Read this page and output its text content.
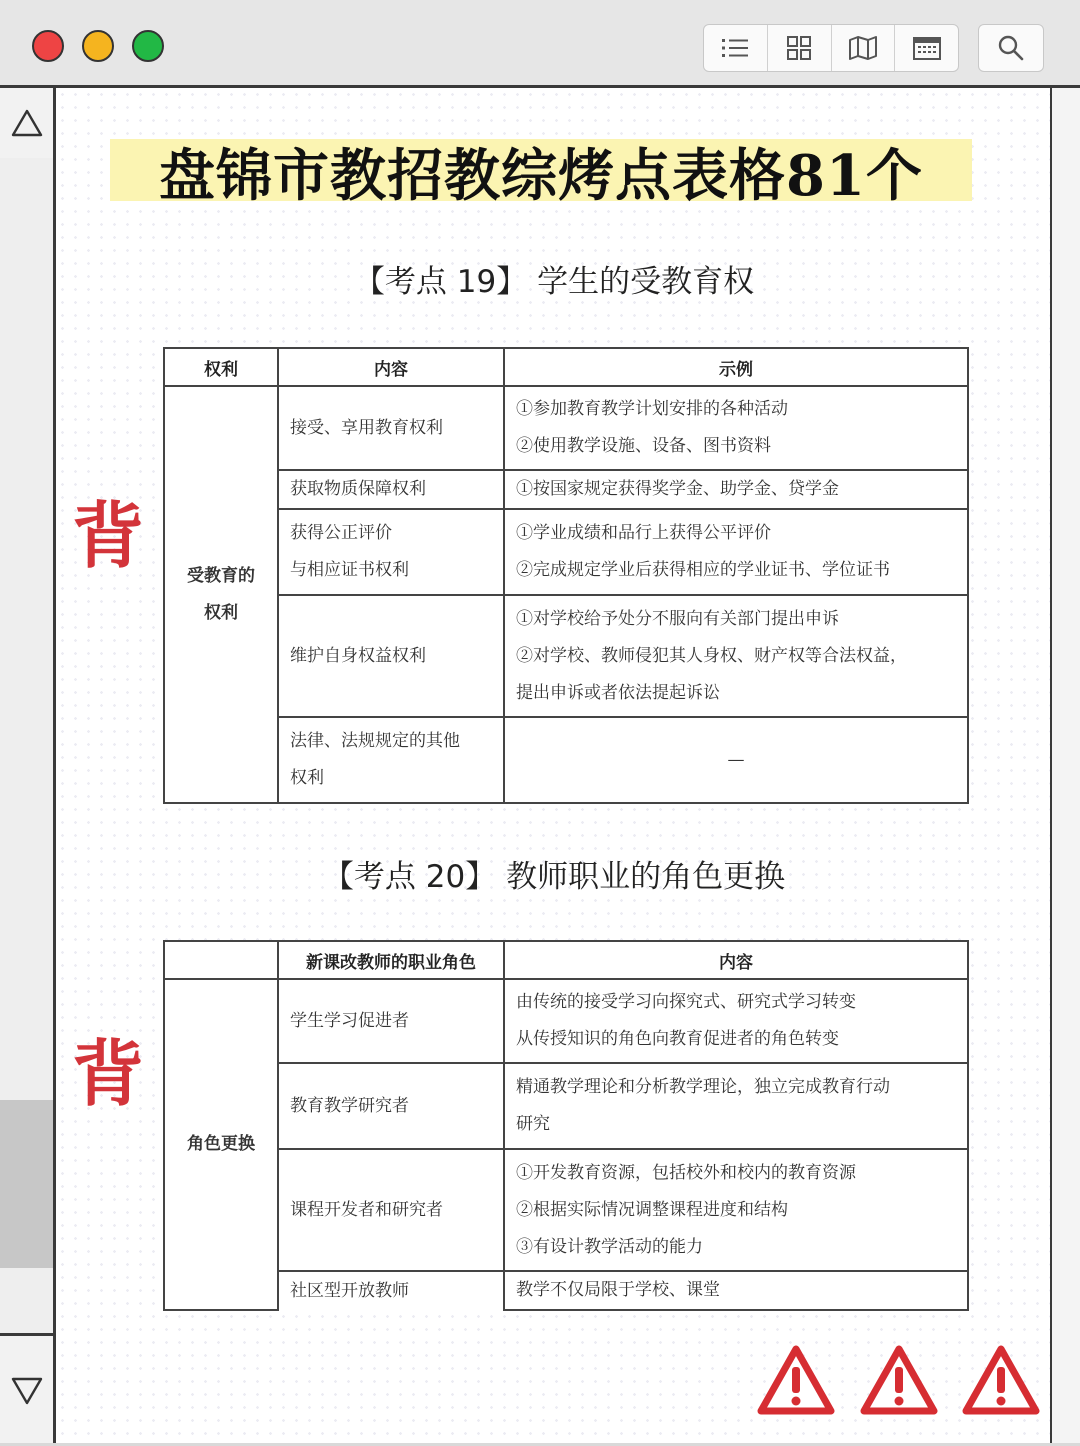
盘锦市教招教综烤点表格81个
【考点 19】 学生的受教育权
背
权利	内容	示例

受教育的
权利	接受、享用教育权利	①参加教育教学计划安排的各种活动
②使用教学设施、设备、图书资料

	获取物质保障权利	①按国家规定获得奖学金、助学金、贷学金

	获得公正评价
与相应证书权利	①学业成绩和品行上获得公平评价
②完成规定学业后获得相应的学业证书、学位证书

	维护自身权益权利	①对学校给予处分不服向有关部门提出申诉
②对学校、教师侵犯其人身权、财产权等合法权益，
提出申诉或者依法提起诉讼

	法律、法规规定的其他
权利	—
【考点 20】 教师职业的角色更换
背
	新课改教师的职业角色	内容

角色更换	学生学习促进者	由传统的接受学习向探究式、研究式学习转变
从传授知识的角色向教育促进者的角色转变

	教育教学研究者	精通教学理论和分析教学理论，独立完成教育行动
研究

	课程开发者和研究者	①开发教育资源，包括校外和校内的教育资源
②根据实际情况调整课程进度和结构
③有设计教学活动的能力

	社区型开放教师	教学不仅局限于学校、课堂
